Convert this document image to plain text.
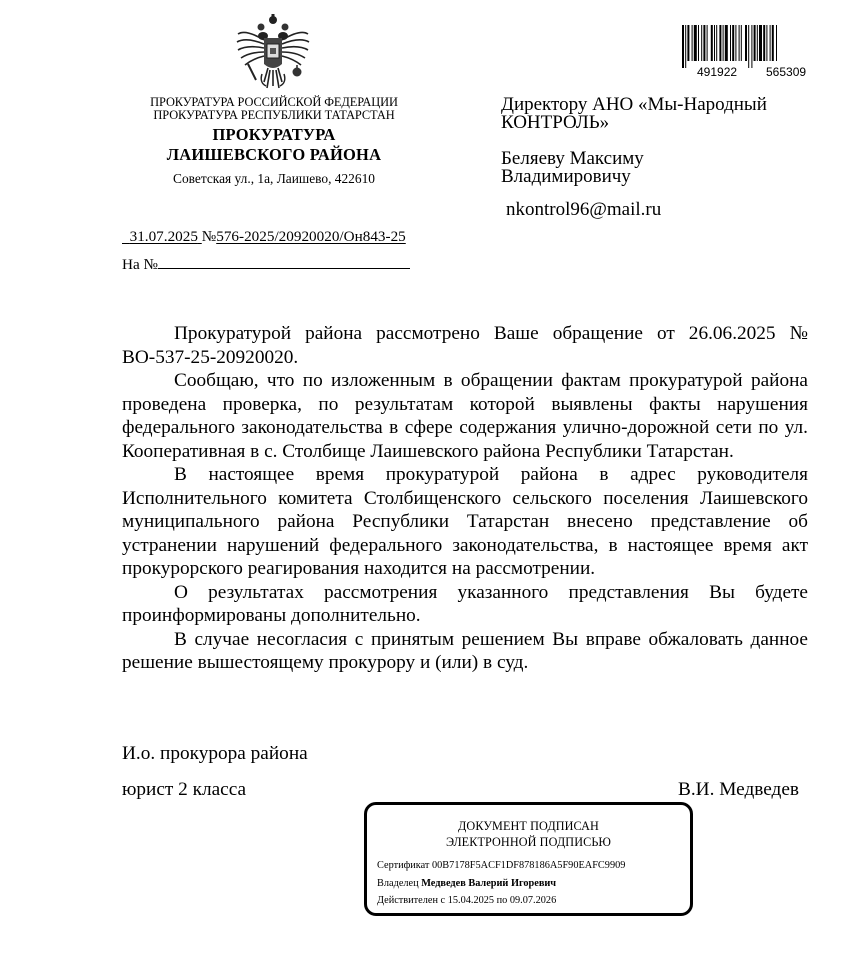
ПРОКУРАТУРА РОССИЙСКОЙ ФЕДЕРАЦИИ
ПРОКУРАТУРА РЕСПУБЛИКИ ТАТАРСТАН
ПРОКУРАТУРА
ЛАИШЕВСКОГО РАЙОНА
Советская ул., 1а, Лаишево, 422610
491922 565309
Директору АНО «Мы-Народный
КОНТРОЛЬ»
Беляеву Максиму
Владимировичу
nkontrol96@mail.ru
31.07.2025 №576-2025/20920020/Он843-25
На №

Прокуратурой района рассмотрено Ваше обращение от 26.06.2025 № ВО-537-25-20920020.

Сообщаю, что по изложенным в обращении фактам прокуратурой района проведена проверка, по результатам которой выявлены факты нарушения федерального законодательства в сфере содержания улично-дорожной сети по ул. Кооперативная в с. Столбище Лаишевского района Республики Татарстан.

В настоящее время прокуратурой района в адрес руководителя Исполнительного комитета Столбищенского сельского поселения Лаишевского муниципального района Республики Татарстан внесено представление об устранении нарушений федерального законодательства, в настоящее время акт прокурорского реагирования находится на рассмотрении.

О результатах рассмотрения указанного представления Вы будете проинформированы дополнительно.

В случае несогласия с принятым решением Вы вправе обжаловать данное решение вышестоящему прокурору и (или) в суд.

И.о. прокурора района
юрист 2 класса	В.И. Медведев
ДОКУМЕНТ ПОДПИСАН
ЭЛЕКТРОННОЙ ПОДПИСЬЮ
Сертификат 00B7178F5ACF1DF878186A5F90EAFC9909
Владелец Медведев Валерий Игоревич
Действителен с 15.04.2025 по 09.07.2026
